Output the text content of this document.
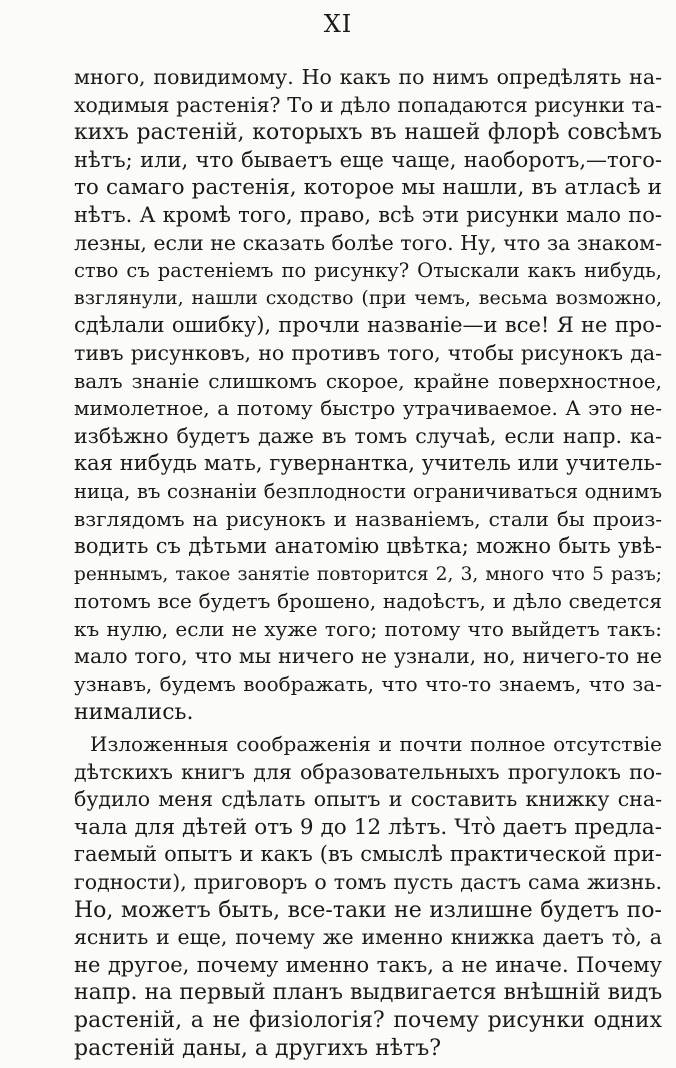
XI
много, повидимому. Но какъ по нимъ опредѣлять на-
ходимыя растенія? То и дѣло попадаются рисунки та-
кихъ растеній, которыхъ въ нашей флорѣ совсѣмъ
нѣтъ; или, что бываетъ еще чаще, наоборотъ,—того-
то самаго растенія, которое мы нашли, въ атласѣ и
нѣтъ. А кромѣ того, право, всѣ эти рисунки мало по-
лезны, если не сказать болѣе того. Ну, что за знаком-
ство съ растеніемъ по рисунку? Отыскали какъ нибудь,
взглянули, нашли сходство (при чемъ, весьма возможно,
сдѣлали ошибку), прочли названіе—и все! Я не про-
тивъ рисунковъ, но противъ того, чтобы рисунокъ да-
валъ знаніе слишкомъ скорое, крайне поверхностное,
мимолетное, а потому быстро утрачиваемое. А это не-
избѣжно будетъ даже въ томъ случаѣ, если напр. ка-
кая нибудь мать, гувернантка, учитель или учитель-
ница, въ сознаніи безплодности ограничиваться однимъ
взглядомъ на рисунокъ и названіемъ, стали бы произ-
водить съ дѣтьми анатомію цвѣтка; можно быть увѣ-
реннымъ, такое занятіе повторится 2, 3, много что 5 разъ;
потомъ все будетъ брошено, надоѣстъ, и дѣло сведется
къ нулю, если не хуже того; потому что выйдетъ такъ:
мало того, что мы ничего не узнали, но, ничего-то не
узнавъ, будемъ воображать, что что-то знаемъ, что за-
нимались.
Изложенныя соображенія и почти полное отсутствіе
дѣтскихъ книгъ для образовательныхъ прогулокъ по-
будило меня сдѣлать опытъ и составить книжку сна-
чала для дѣтей отъ 9 до 12 лѣтъ. Что̀ даетъ предла-
гаемый опытъ и какъ (въ смыслѣ практической при-
годности), приговоръ о томъ пусть дастъ сама жизнь.
Но, можетъ быть, все-таки не излишне будетъ по-
яснить и еще, почему же именно книжка даетъ то̀, а
не другое, почему именно такъ, а не иначе. Почему
напр. на первый планъ выдвигается внѣшній видъ
растеній, а не физіологія? почему рисунки одних
растеній даны, а другихъ нѣтъ?
